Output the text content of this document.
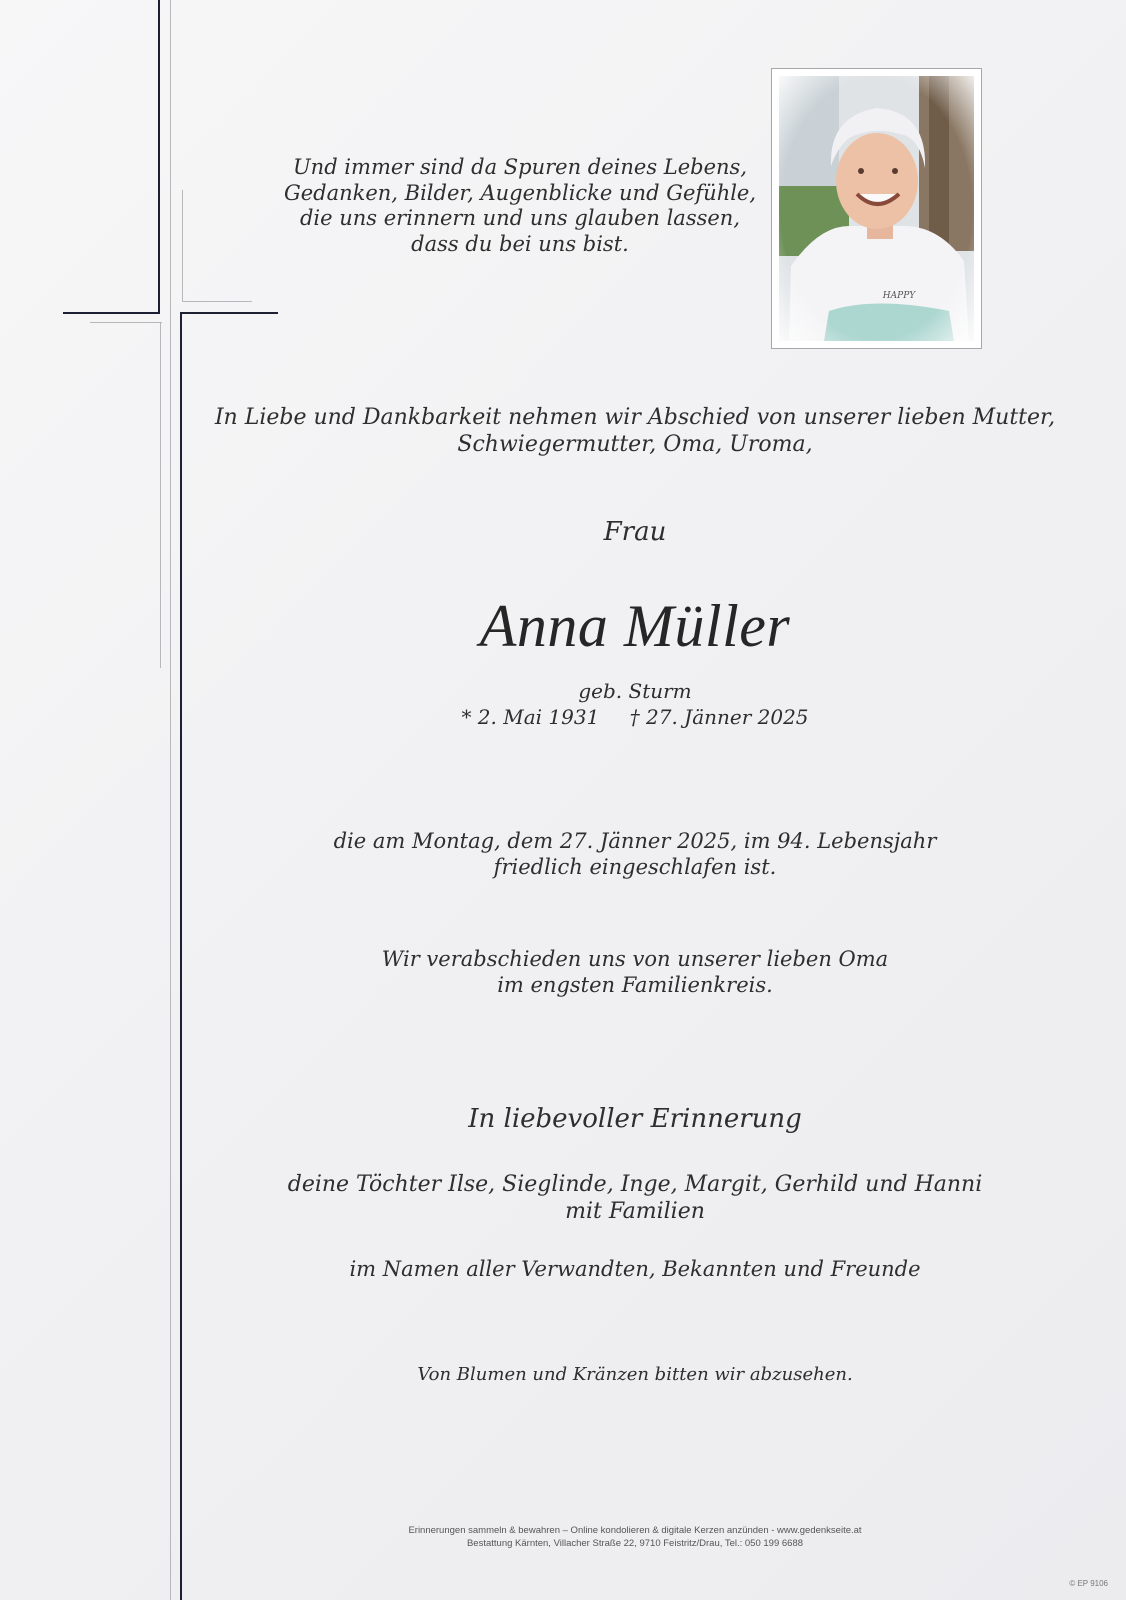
Und immer sind da Spuren deines Lebens,
Gedanken, Bilder, Augenblicke und Gefühle,
die uns erinnern und uns glauben lassen,
dass du bei uns bist.
In Liebe und Dankbarkeit nehmen wir Abschied von unserer lieben Mutter,
Schwiegermutter, Oma, Uroma,
Frau
Anna Müller
geb. Sturm
* 2. Mai 1931 † 27. Jänner 2025
die am Montag, dem 27. Jänner 2025, im 94. Lebensjahr
friedlich eingeschlafen ist.
Wir verabschieden uns von unserer lieben Oma
im engsten Familienkreis.
In liebevoller Erinnerung
deine Töchter Ilse, Sieglinde, Inge, Margit, Gerhild und Hanni
mit Familien
im Namen aller Verwandten, Bekannten und Freunde
Von Blumen und Kränzen bitten wir abzusehen.
Erinnerungen sammeln & bewahren – Online kondolieren & digitale Kerzen anzünden - www.gedenkseite.at
Bestattung Kärnten, Villacher Straße 22, 9710 Feistritz/Drau, Tel.: 050 199 6688
© EP 9106
